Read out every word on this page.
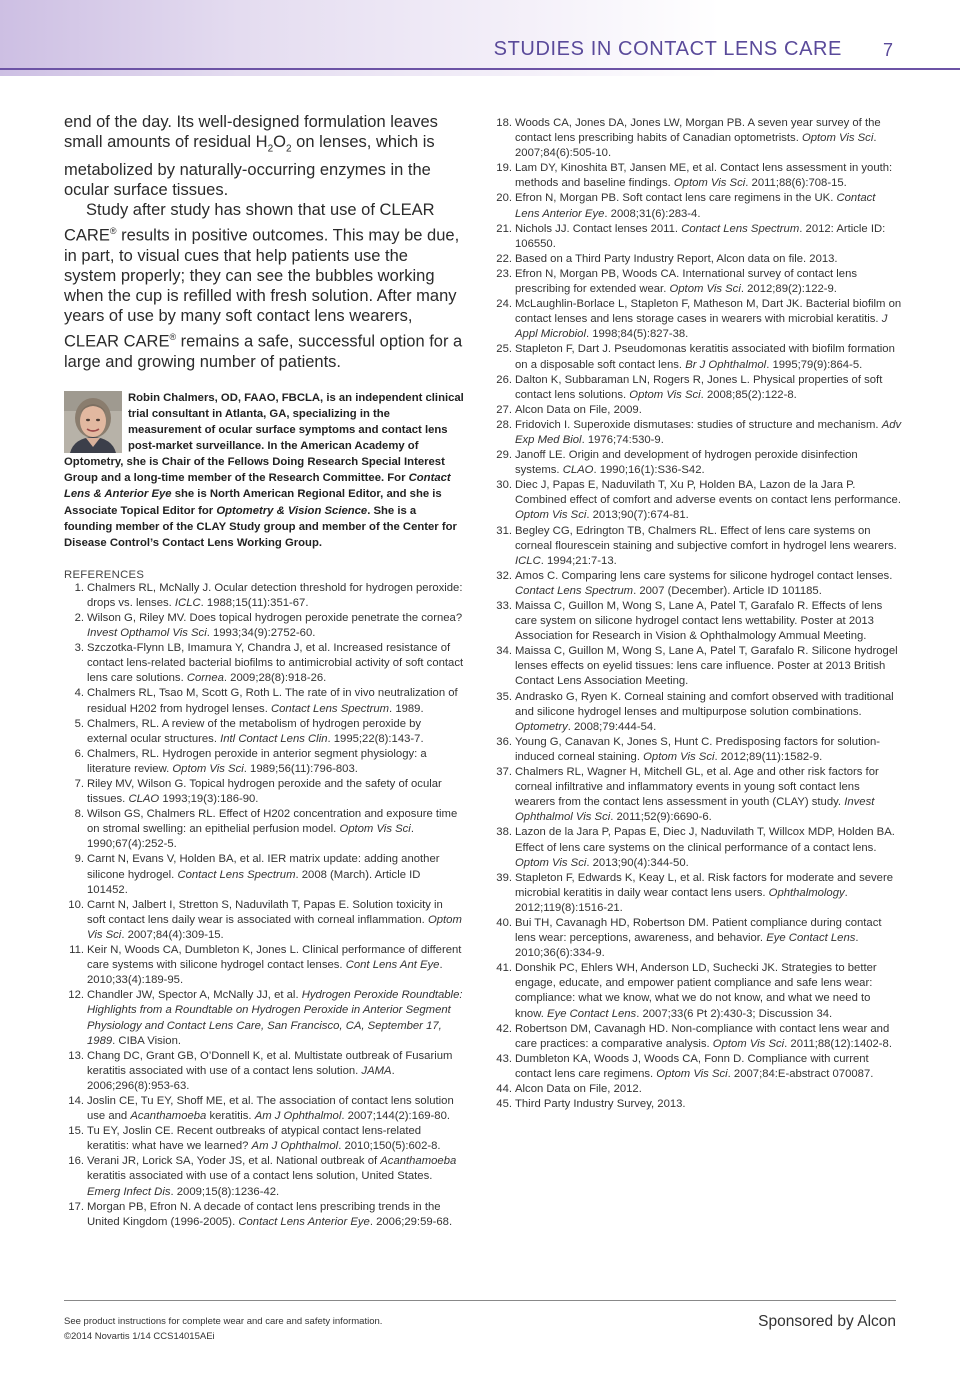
STUDIES IN CONTACT LENS CARE 7

end of the day. Its well-designed formulation leaves small amounts of residual $H_2O_2$ on lenses, which is metabolized by naturally-occurring enzymes in the ocular surface tissues.

Study after study has shown that use of CLEAR CARE® results in positive outcomes. This may be due, in part, to visual cues that help patients use the system properly; they can see the bubbles working when the cup is refilled with fresh solution. After many years of use by many soft contact lens wearers, CLEAR CARE® remains a safe, successful option for a large and growing number of patients.

Robin Chalmers, OD, FAAO, FBCLA, is an independent clinical trial consultant in Atlanta, GA, specializing in the measurement of ocular surface symptoms and contact lens post-market surveillance. In the American Academy of Optometry, she is Chair of the Fellows Doing Research Special Interest Group and a long-time member of the Research Committee. For Contact Lens & Anterior Eye she is North American Regional Editor, and she is Associate Topical Editor for Optometry & Vision Science. She is a founding member of the CLAY Study group and member of the Center for Disease Control’s Contact Lens Working Group.
REFERENCES
1. Chalmers RL, McNally J. Ocular detection threshold for hydrogen peroxide: drops vs. lenses. ICLC. 1988;15(11):351-67.
2. Wilson G, Riley MV. Does topical hydrogen peroxide penetrate the cornea? Invest Opthamol Vis Sci. 1993;34(9):2752-60.
3. Szczotka-Flynn LB, Imamura Y, Chandra J, et al. Increased resistance of contact lens-related bacterial biofilms to antimicrobial activity of soft contact lens care solutions. Cornea. 2009;28(8):918-26.
4. Chalmers RL, Tsao M, Scott G, Roth L. The rate of in vivo neutralization of residual H202 from hydrogel lenses. Contact Lens Spectrum. 1989.
5. Chalmers, RL. A review of the metabolism of hydrogen peroxide by external ocular structures. Intl Contact Lens Clin. 1995;22(8):143-7.
6. Chalmers, RL. Hydrogen peroxide in anterior segment physiology: a literature review. Optom Vis Sci. 1989;56(11):796-803.
7. Riley MV, Wilson G. Topical hydrogen peroxide and the safety of ocular tissues. CLAO 1993;19(3):186-90.
8. Wilson GS, Chalmers RL. Effect of H202 concentration and exposure time on stromal swelling: an epithelial perfusion model. Optom Vis Sci. 1990;67(4):252-5.
9. Carnt N, Evans V, Holden BA, et al. IER matrix update: adding another silicone hydrogel. Contact Lens Spectrum. 2008 (March). Article ID 101452.
10. Carnt N, Jalbert I, Stretton S, Naduvilath T, Papas E. Solution toxicity in soft contact lens daily wear is associated with corneal inflammation. Optom Vis Sci. 2007;84(4):309-15.
11. Keir N, Woods CA, Dumbleton K, Jones L. Clinical performance of different care systems with silicone hydrogel contact lenses. Cont Lens Ant Eye. 2010;33(4):189-95.
12. Chandler JW, Spector A, McNally JJ, et al. Hydrogen Peroxide Roundtable: Highlights from a Roundtable on Hydrogen Peroxide in Anterior Segment Physiology and Contact Lens Care, San Francisco, CA, September 17, 1989. CIBA Vision.
13. Chang DC, Grant GB, O’Donnell K, et al. Multistate outbreak of Fusarium keratitis associated with use of a contact lens solution. JAMA. 2006;296(8):953-63.
14. Joslin CE, Tu EY, Shoff ME, et al. The association of contact lens solution use and Acanthamoeba keratitis. Am J Ophthalmol. 2007;144(2):169-80.
15. Tu EY, Joslin CE. Recent outbreaks of atypical contact lens-related keratitis: what have we learned? Am J Ophthalmol. 2010;150(5):602-8.
16. Verani JR, Lorick SA, Yoder JS, et al. National outbreak of Acanthamoeba keratitis associated with use of a contact lens solution, United States. Emerg Infect Dis. 2009;15(8):1236-42.
17. Morgan PB, Efron N. A decade of contact lens prescribing trends in the United Kingdom (1996-2005). Contact Lens Anterior Eye. 2006;29:59-68.
18. Woods CA, Jones DA, Jones LW, Morgan PB. A seven year survey of the contact lens prescribing habits of Canadian optometrists. Optom Vis Sci. 2007;84(6):505-10.
19. Lam DY, Kinoshita BT, Jansen ME, et al. Contact lens assessment in youth: methods and baseline findings. Optom Vis Sci. 2011;88(6):708-15.
20. Efron N, Morgan PB. Soft contact lens care regimens in the UK. Contact Lens Anterior Eye. 2008;31(6):283-4.
21. Nichols JJ. Contact lenses 2011. Contact Lens Spectrum. 2012: Article ID: 106550.
22. Based on a Third Party Industry Report, Alcon data on file. 2013.
23. Efron N, Morgan PB, Woods CA. International survey of contact lens prescribing for extended wear. Optom Vis Sci. 2012;89(2):122-9.
24. McLaughlin-Borlace L, Stapleton F, Matheson M, Dart JK. Bacterial biofilm on contact lenses and lens storage cases in wearers with microbial keratitis. J Appl Microbiol. 1998;84(5):827-38.
25. Stapleton F, Dart J. Pseudomonas keratitis associated with biofilm formation on a disposable soft contact lens. Br J Ophthalmol. 1995;79(9):864-5.
26. Dalton K, Subbaraman LN, Rogers R, Jones L. Physical properties of soft contact lens solutions. Optom Vis Sci. 2008;85(2):122-8.
27. Alcon Data on File, 2009.
28. Fridovich I. Superoxide dismutases: studies of structure and mechanism. Adv Exp Med Biol. 1976;74:530-9.
29. Janoff LE. Origin and development of hydrogen peroxide disinfection systems. CLAO. 1990;16(1):S36-S42.
30. Diec J, Papas E, Naduvilath T, Xu P, Holden BA, Lazon de la Jara P. Combined effect of comfort and adverse events on contact lens performance. Optom Vis Sci. 2013;90(7):674-81.
31. Begley CG, Edrington TB, Chalmers RL. Effect of lens care systems on corneal flourescein staining and subjective comfort in hydrogel lens wearers. ICLC. 1994;21:7-13.
32. Amos C. Comparing lens care systems for silicone hydrogel contact lenses. Contact Lens Spectrum. 2007 (December). Article ID 101185.
33. Maissa C, Guillon M, Wong S, Lane A, Patel T, Garafalo R. Effects of lens care system on silicone hydrogel contact lens wettability. Poster at 2013 Association for Research in Vision & Ophthalmology Ammual Meeting.
34. Maissa C, Guillon M, Wong S, Lane A, Patel T, Garafalo R. Silicone hydrogel lenses effects on eyelid tissues: lens care influence. Poster at 2013 British Contact Lens Association Meeting.
35. Andrasko G, Ryen K. Corneal staining and comfort observed with traditional and silicone hydrogel lenses and multipurpose solution combinations. Optometry. 2008;79:444-54.
36. Young G, Canavan K, Jones S, Hunt C. Predisposing factors for solution-induced corneal staining. Optom Vis Sci. 2012;89(11):1582-9.
37. Chalmers RL, Wagner H, Mitchell GL, et al. Age and other risk factors for corneal infiltrative and inflammatory events in young soft contact lens wearers from the contact lens assessment in youth (CLAY) study. Invest Ophthalmol Vis Sci. 2011;52(9):6690-6.
38. Lazon de la Jara P, Papas E, Diec J, Naduvilath T, Willcox MDP, Holden BA. Effect of lens care systems on the clinical performance of a contact lens. Optom Vis Sci. 2013;90(4):344-50.
39. Stapleton F, Edwards K, Keay L, et al. Risk factors for moderate and severe microbial keratitis in daily wear contact lens users. Ophthalmology. 2012;119(8):1516-21.
40. Bui TH, Cavanagh HD, Robertson DM. Patient compliance during contact lens wear: perceptions, awareness, and behavior. Eye Contact Lens. 2010;36(6):334-9.
41. Donshik PC, Ehlers WH, Anderson LD, Suchecki JK. Strategies to better engage, educate, and empower patient compliance and safe lens wear: compliance: what we know, what we do not know, and what we need to know. Eye Contact Lens. 2007;33(6 Pt 2):430-3; Discussion 34.
42. Robertson DM, Cavanagh HD. Non-compliance with contact lens wear and care practices: a comparative analysis. Optom Vis Sci. 2011;88(12):1402-8.
43. Dumbleton KA, Woods J, Woods CA, Fonn D. Compliance with current contact lens care regimens. Optom Vis Sci. 2007;84:E-abstract 070087.
44. Alcon Data on File, 2012.
45. Third Party Industry Survey, 2013.
See product instructions for complete wear and care and safety information.
©2014 Novartis 1/14 CCS14015AEi
Sponsored by Alcon
